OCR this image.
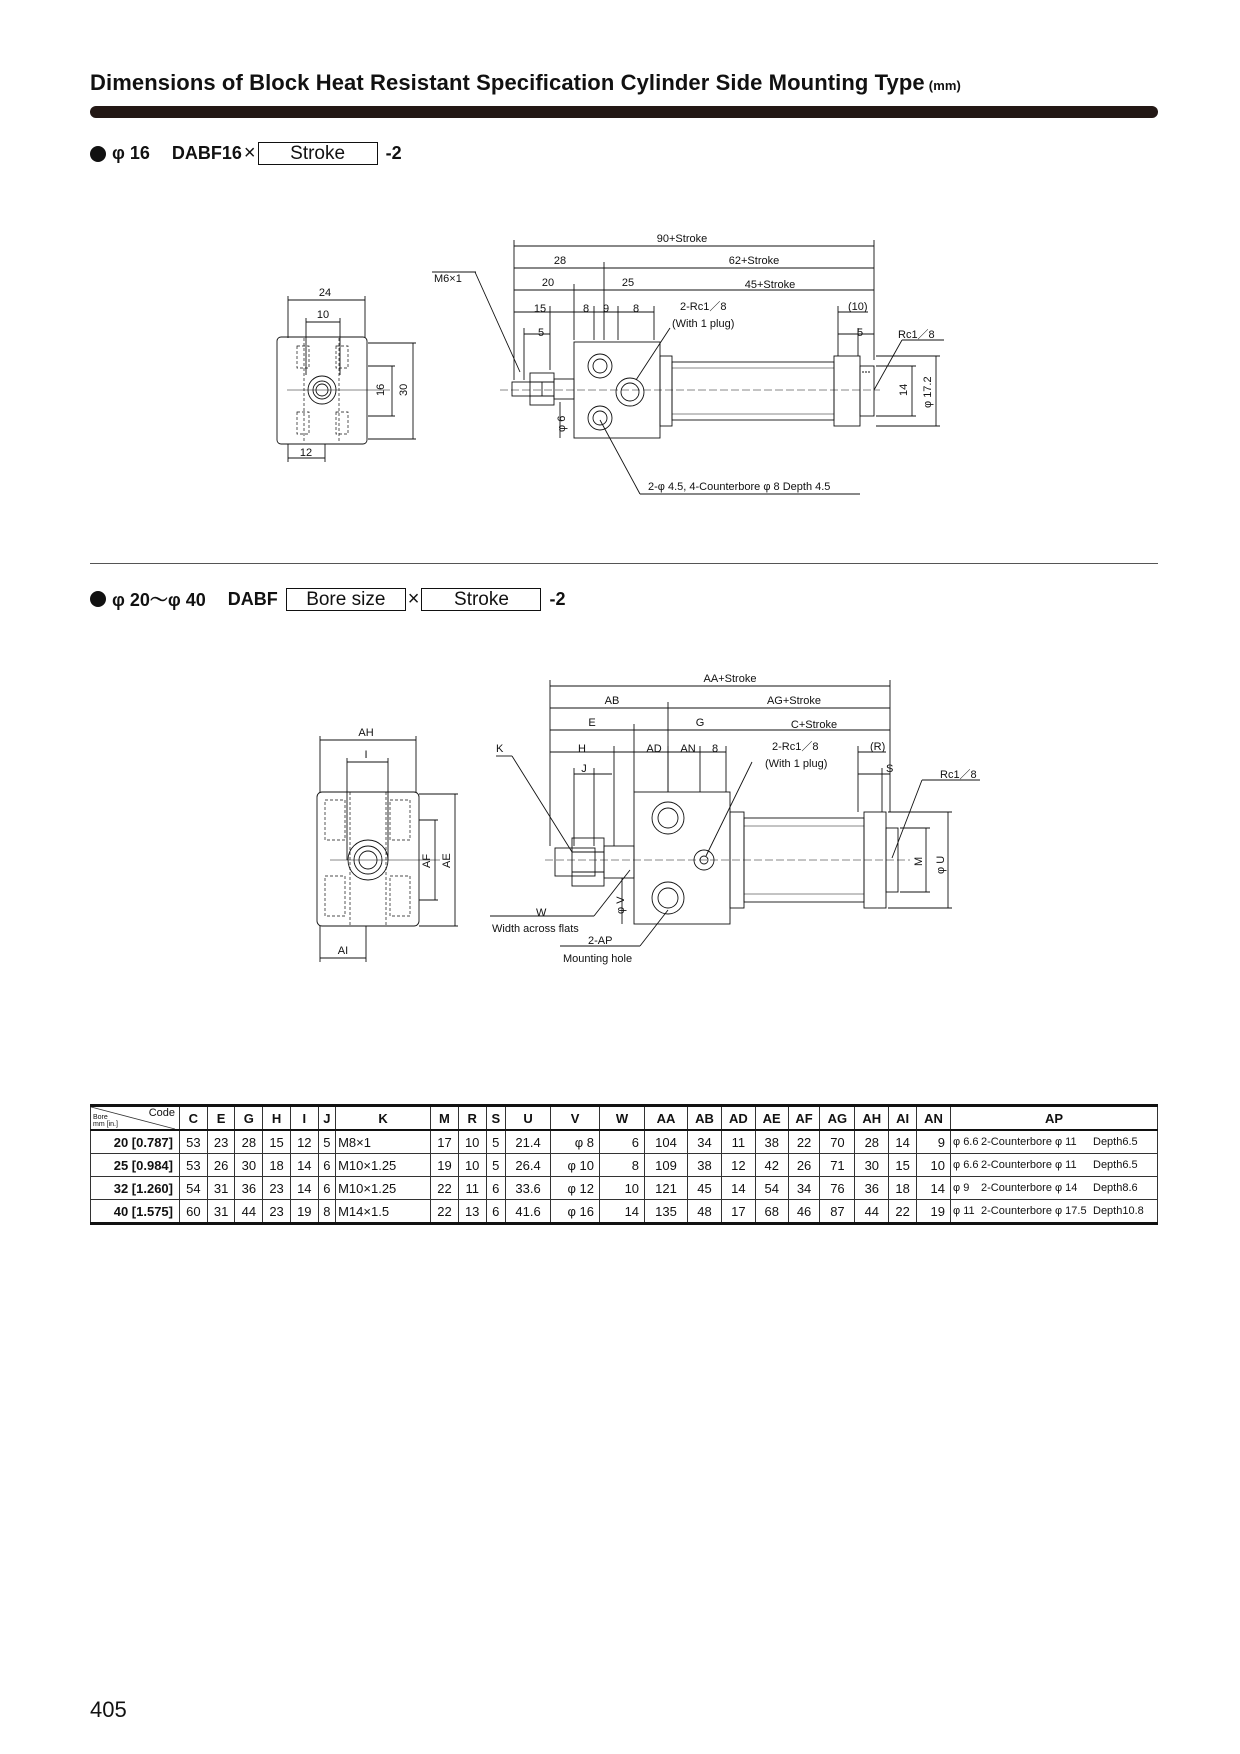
Dimensions of Block Heat Resistant Specification Cylinder Side Mounting Type (mm)
φ 16 DABF16 ×	Stroke	-2
90+Stroke
28	62+Stroke
20	25	45+Stroke
15	8 9 8	2-Rc1／8
(With 1 plug)
(10)
5	5	Rc1／8
M6×1
φ 6
14 φ 17.2
2-φ 4.5, 4-Counterbore φ 8 Depth 4.5
24
10
16 30
12
φ 20～φ 40 DABF	Bore size	×	Stroke	-2
AA+Stroke
AB	AG+Stroke
E	G	C+Stroke
K	H	AD AN 8	2-Rc1／8
(With 1 plug)
(R)
S
J	Rc1／8
M φ U
φ V
W
Width across flats
2-AP
Mounting hole
AH
I
AF AE
AI
Code
Bore
mm [in.]	C	E	G	H	I	J	K	M	R	S	U	V	W	AA	AB	AD	AE	AF	AG	AH	AI	AN	AP
20 [0.787]	53	23	28	15	12	5	M8×1	17	10	5	21.4	φ 8	6	104	34	11	38	22	70	28	14	9	φ 6.6 2-Counterbore φ 11 Depth6.5
25 [0.984]	53	26	30	18	14	6	M10×1.25	19	10	5	26.4	φ 10	8	109	38	12	42	26	71	30	15	10	φ 6.6 2-Counterbore φ 11 Depth6.5
32 [1.260]	54	31	36	23	14	6	M10×1.25	22	11	6	33.6	φ 12	10	121	45	14	54	34	76	36	18	14	φ 9 2-Counterbore φ 14 Depth8.6
40 [1.575]	60	31	44	23	19	8	M14×1.5	22	13	6	41.6	φ 16	14	135	48	17	68	46	87	44	22	19	φ 11 2-Counterbore φ 17.5 Depth10.8
405
